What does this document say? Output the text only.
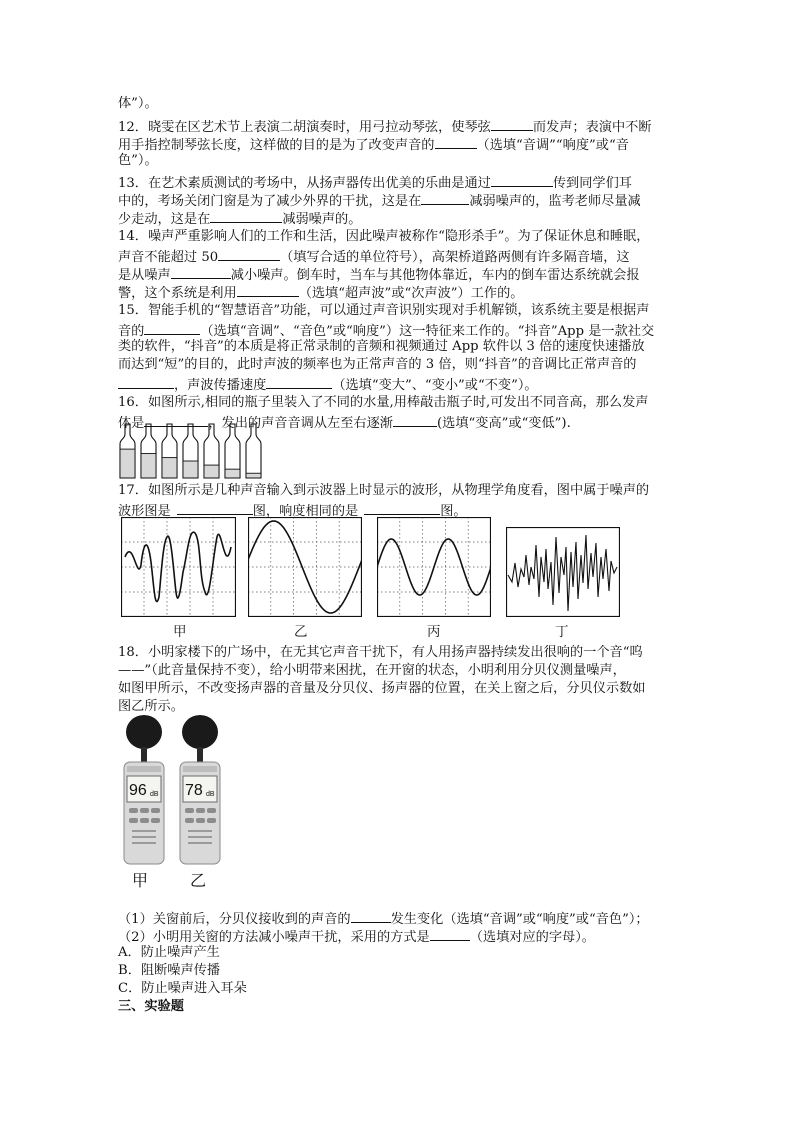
体”）。
12．晓雯在区艺术节上表演二胡演奏时，用弓拉动琴弦，使琴弦	而发声；表演中不断
用手指控制琴弦长度，这样做的目的是为了改变声音的	（选填“音调”“响度”或“音
色”）。
13．在艺术素质测试的考场中，从扬声器传出优美的乐曲是通过	传到同学们耳
中的，考场关闭门窗是为了减少外界的干扰，这是在	减弱噪声的，监考老师尽量减
少走动，这是在	减弱噪声的。
14．噪声严重影响人们的工作和生活，因此噪声被称作“隐形杀手”。为了保证休息和睡眠，
声音不能超过 50	（填写合适的单位符号），高架桥道路两侧有许多隔音墙，这
是从噪声	减小噪声。倒车时，当车与其他物体靠近，车内的倒车雷达系统就会报
警，这个系统是利用	（选填“超声波”或“次声波”）工作的。
15．智能手机的“智慧语音”功能，可以通过声音识别实现对手机解锁，该系统主要是根据声
音的	（选填“音调”、“音色”或“响度”）这一特征来工作的。“抖音”App 是一款社交
类的软件，“抖音”的本质是将正常录制的音频和视频通过 App 软件以 3 倍的速度快速播放
而达到“短”的目的，此时声波的频率也为正常声音的 3 倍，则“抖音”的音调比正常声音的
，声波传播速度	（选填“变大”、“变小”或“不变”）。
16．如图所示,相同的瓶子里装入了不同的水量,用棒敲击瓶子时,可发出不同音高，那么发声
体是	，发出的声音音调从左至右逐渐	(选填“变高”或“变低”).
17．如图所示是几种声音输入到示波器上时显示的波形，从物理学角度看，图中属于噪声的
波形图是	图，响度相同的是	图。
甲	乙	丙	丁
18．小明家楼下的广场中，在无其它声音干扰下，有人用扬声器持续发出很响的一个音“呜
——”（此音量保持不变），给小明带来困扰，在开窗的状态，小明利用分贝仪测量噪声，
如图甲所示，不改变扬声器的音量及分贝仪、扬声器的位置，在关上窗之后，分贝仪示数如
图乙所示。
96 dB 78 dB
甲	乙
（1）关窗前后，分贝仪接收到的声音的	发生变化（选填“音调”或“响度”或“音色”）；
（2）小明用关窗的方法减小噪声干扰，采用的方式是	（选填对应的字母）。
A．防止噪声产生
B．阻断噪声传播
C．防止噪声进入耳朵
三、实验题
